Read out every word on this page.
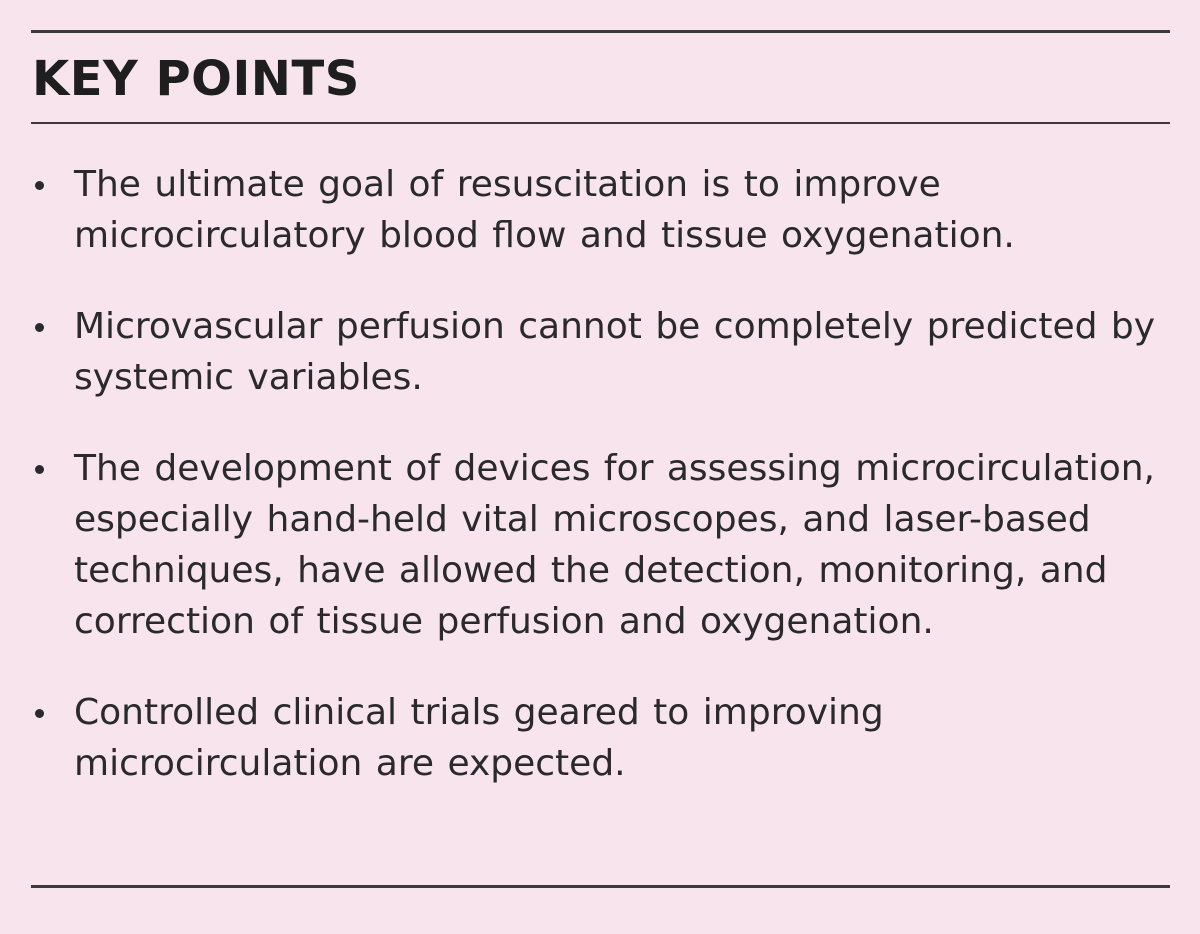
KEY POINTS
The ultimate goal of resuscitation is to improve microcirculatory blood flow and tissue oxygenation.
Microvascular perfusion cannot be completely predicted by systemic variables.
The development of devices for assessing microcirculation, especially hand-held vital microscopes, and laser-based techniques, have allowed the detection, monitoring, and correction of tissue perfusion and oxygenation.
Controlled clinical trials geared to improving microcirculation are expected.
